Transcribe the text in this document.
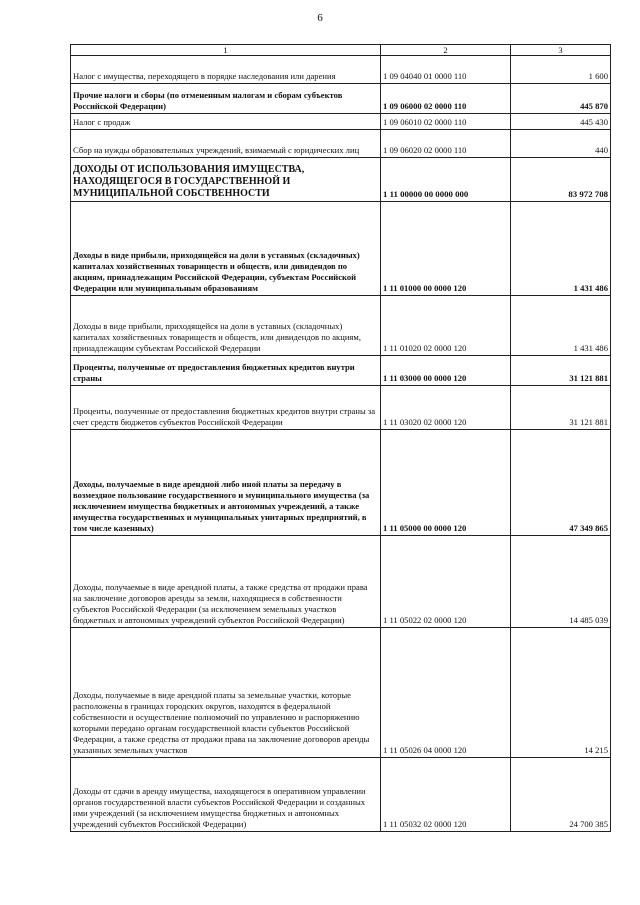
6
1	2	3
Налог с имущества, переходящего в порядке наследования или дарения	1 09 04040 01 0000 110	1 600
Прочие налоги и сборы (по отмененным налогам и сборам субъектов Российской Федерации)	1 09 06000 02 0000 110	445 870
Налог с продаж	1 09 06010 02 0000 110	445 430
Сбор на нужды образовательных учреждений, взимаемый с юридических лиц	1 09 06020 02 0000 110	440
ДОХОДЫ ОТ ИСПОЛЬЗОВАНИЯ ИМУЩЕСТВА, НАХОДЯЩЕГОСЯ В ГОСУДАРСТВЕННОЙ И МУНИЦИПАЛЬНОЙ СОБСТВЕННОСТИ	1 11 00000 00 0000 000	83 972 708
Доходы в виде прибыли, приходящейся на доли в уставных (складочных) капиталах хозяйственных товариществ и обществ, или дивидендов по акциям, принадлежащим Российской Федерации, субъектам Российской Федерации или муниципальным образованиям	1 11 01000 00 0000 120	1 431 486
Доходы в виде прибыли, приходящейся на доли в уставных (складочных) капиталах хозяйственных товариществ и обществ, или дивидендов по акциям, принадлежащим субъектам Российской Федерации	1 11 01020 02 0000 120	1 431 486
Проценты, полученные от предоставления бюджетных кредитов внутри страны	1 11 03000 00 0000 120	31 121 881
Проценты, полученные от предоставления бюджетных кредитов внутри страны за счет средств бюджетов субъектов Российской Федерации	1 11 03020 02 0000 120	31 121 881
Доходы, получаемые в виде арендной либо иной платы за передачу в возмездное пользование государственного и муниципального имущества (за исключением имущества бюджетных и автономных учреждений, а также имущества государственных и муниципальных унитарных предприятий, в том числе казенных)	1 11 05000 00 0000 120	47 349 865
Доходы, получаемые в виде арендной платы, а также средства от продажи права на заключение договоров аренды за земли, находящиеся в собственности субъектов Российской Федерации (за исключением земельных участков бюджетных и автономных учреждений субъектов Российской Федерации)	1 11 05022 02 0000 120	14 485 039
Доходы, получаемые в виде арендной платы за земельные участки, которые расположены в границах городских округов, находятся в федеральной собственности и осуществление полномочий по управлению и распоряжению которыми передано органам государственной власти субъектов Российской Федерации, а также средства от продажи права на заключение договоров аренды указанных земельных участков	1 11 05026 04 0000 120	14 215
Доходы от сдачи в аренду имущества, находящегося в оперативном управлении органов государственной власти субъектов Российской Федерации и созданных ими учреждений (за исключением имущества бюджетных и автономных учреждений субъектов Российской Федерации)	1 11 05032 02 0000 120	24 700 385
